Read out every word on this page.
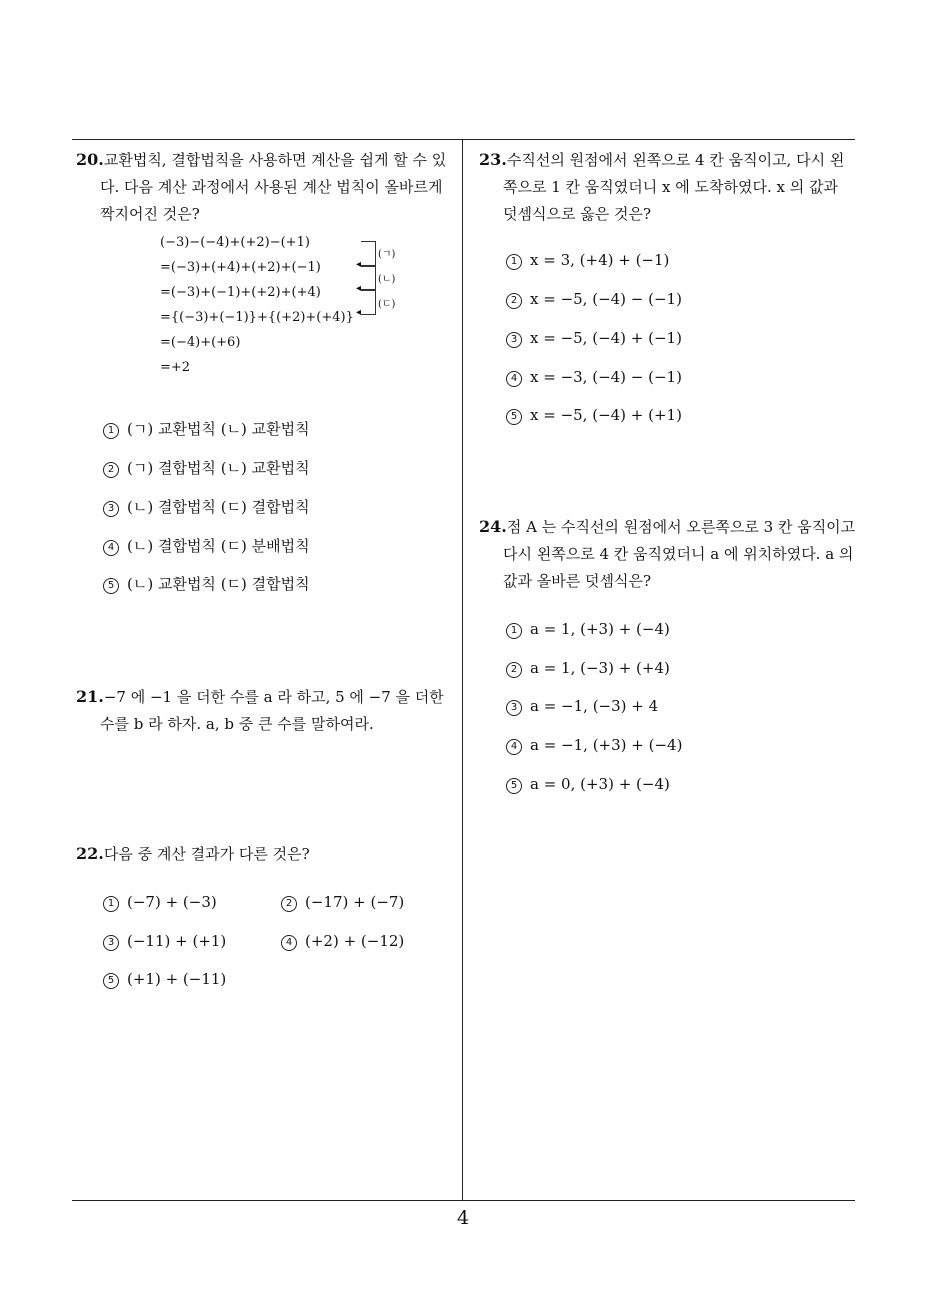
20.교환법칙, 결합법칙을 사용하면 계산을 쉽게 할 수 있
다. 다음 계산 과정에서 사용된 계산 법칙이 올바르게
짝지어진 것은?
(−3)−(−4)+(+2)−(+1)
=(−3)+(+4)+(+2)+(−1)
=(−3)+(−1)+(+2)+(+4)
={(−3)+(−1)}+{(+2)+(+4)}
=(−4)+(+6)
=+2
(ㄱ)
(ㄴ)
(ㄷ)
◂
◂
◂
1 (ㄱ) 교환법칙 (ㄴ) 교환법칙
2 (ㄱ) 결합법칙 (ㄴ) 교환법칙
3 (ㄴ) 결합법칙 (ㄷ) 결합법칙
4 (ㄴ) 결합법칙 (ㄷ) 분배법칙
5 (ㄴ) 교환법칙 (ㄷ) 결합법칙
21.−7 에 −1 을 더한 수를 a 라 하고, 5 에 −7 을 더한
수를 b 라 하자. a, b 중 큰 수를 말하여라.
22.다음 중 계산 결과가 다른 것은?
1 (−7) + (−3)	2 (−17) + (−7)
3 (−11) + (+1)	4 (+2) + (−12)
5 (+1) + (−11)
23.수직선의 원점에서 왼쪽으로 4 칸 움직이고, 다시 왼
쪽으로 1 칸 움직였더니 x 에 도착하였다. x 의 값과
덧셈식으로 옳은 것은?
1 x = 3, (+4) + (−1)
2 x = −5, (−4) − (−1)
3 x = −5, (−4) + (−1)
4 x = −3, (−4) − (−1)
5 x = −5, (−4) + (+1)
24.점 A 는 수직선의 원점에서 오른쪽으로 3 칸 움직이고
다시 왼쪽으로 4 칸 움직였더니 a 에 위치하였다. a 의
값과 올바른 덧셈식은?
1 a = 1, (+3) + (−4)
2 a = 1, (−3) + (+4)
3 a = −1, (−3) + 4
4 a = −1, (+3) + (−4)
5 a = 0, (+3) + (−4)
4
